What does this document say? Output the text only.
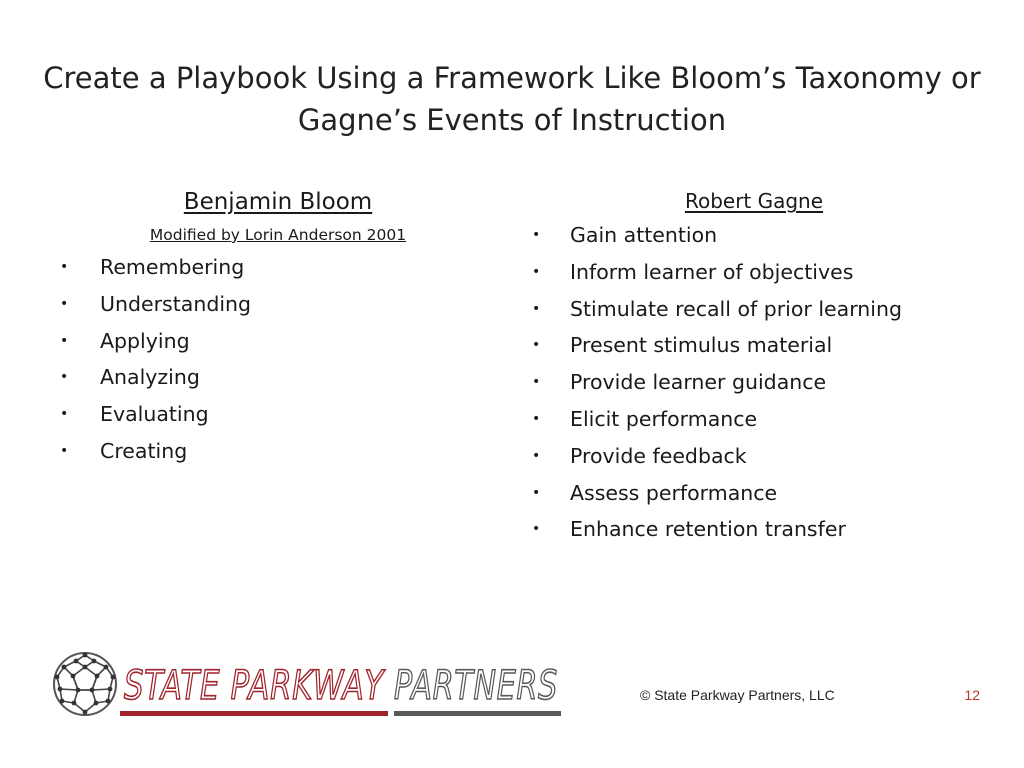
Create a Playbook Using a Framework Like Bloom’s Taxonomy or Gagne’s Events of Instruction

Benjamin Bloom

Modified by Lorin Anderson 2001

• Remembering
• Understanding
• Applying
• Analyzing
• Evaluating
• Creating

Robert Gagne

• Gain attention
• Inform learner of objectives
• Stimulate recall of prior learning
• Present stimulus material
• Provide learner guidance
• Elicit performance
• Provide feedback
• Assess performance
• Enhance retention transfer
STATE PARKWAY PARTNERS	© State Parkway Partners, LLC	12
